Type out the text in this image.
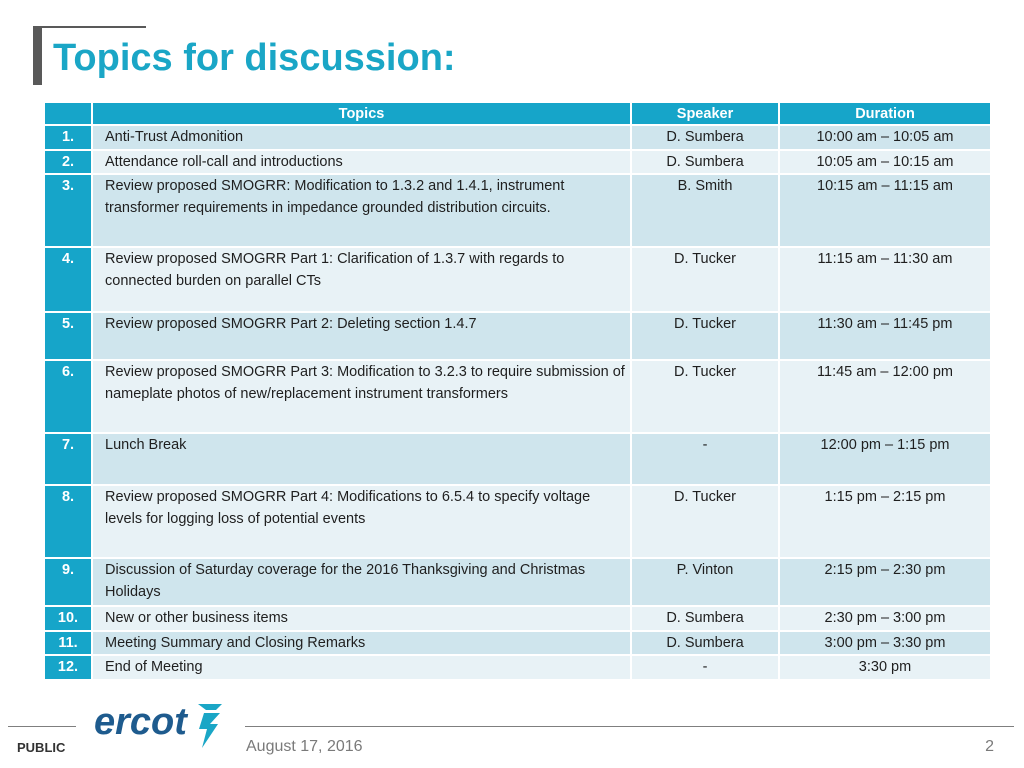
Topics for discussion:
	Topics	Speaker	Duration
1.	Anti-Trust Admonition	D. Sumbera	10:00 am – 10:05 am
2.	Attendance roll-call and introductions	D. Sumbera	10:05 am – 10:15 am
3.	Review proposed SMOGRR: Modification to 1.3.2 and 1.4.1, instrument transformer requirements in impedance grounded distribution circuits.	B. Smith	10:15 am – 11:15 am
4.	Review proposed SMOGRR Part 1: Clarification of 1.3.7 with regards to connected burden on parallel CTs	D. Tucker	11:15 am – 11:30 am
5.	Review proposed SMOGRR Part 2: Deleting section 1.4.7	D. Tucker	11:30 am – 11:45 pm
6.	Review proposed SMOGRR Part 3: Modification to 3.2.3 to require submission of nameplate photos of new/replacement instrument transformers	D. Tucker	11:45 am – 12:00 pm
7.	Lunch Break	-	12:00 pm – 1:15 pm
8.	Review proposed SMOGRR Part 4: Modifications to 6.5.4 to specify voltage levels for logging loss of potential events	D. Tucker	1:15 pm – 2:15 pm
9.	Discussion of Saturday coverage for the 2016 Thanksgiving and Christmas Holidays	P. Vinton	2:15 pm – 2:30 pm
10.	New or other business items	D. Sumbera	2:30 pm – 3:00 pm
11.	Meeting Summary and Closing Remarks	D. Sumbera	3:00 pm – 3:30 pm
12.	End of Meeting	-	3:30 pm
ercot
PUBLIC	August 17, 2016	2
